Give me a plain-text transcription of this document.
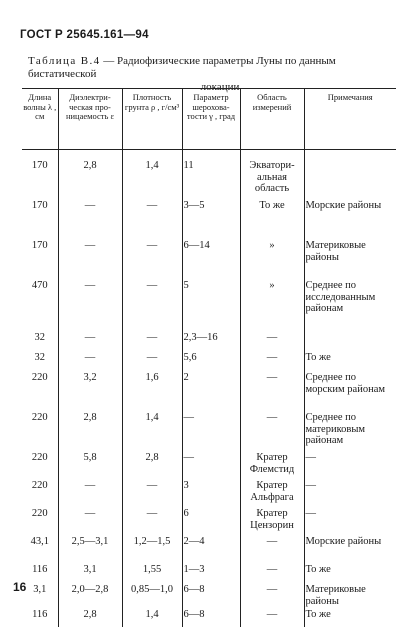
ГОСТ Р 25645.161—94
Таблица В.4 — Радиофизические параметры Луны по данным бистатической
локации
Длина волны λ , см	Диэлектри-ческая про-ницаемость ε	Плотность грунта ρ , г/см³	Параметр шерохова-тости γ , град	Область измерений	Примечания

170	2,8	1,4	11	Экватори-альная область	
170	—	—	3—5	То же	Морские районы
170	—	—	6—14	»	Материковые районы
470	—	—	5	»	Среднее по исследованным районам
32	—	—	2,3—16	—	
32	—	—	5,6	—	То же
220	3,2	1,6	2	—	Среднее по морским районам
220	2,8	1,4	—	—	Среднее по материковым районам
220	5,8	2,8	—	Кратер Флемстид	—
220	—	—	3	Кратер Альфрага	—
220	—	—	6	Кратер Цензорин	—
43,1	2,5—3,1	1,2—1,5	2—4	—	Морские районы
116	3,1	1,55	1—3	—	То же
3,1	2,0—2,8	0,85—1,0	6—8	—	Материковые районы
116	2,8	1,4	6—8	—	То же
16
